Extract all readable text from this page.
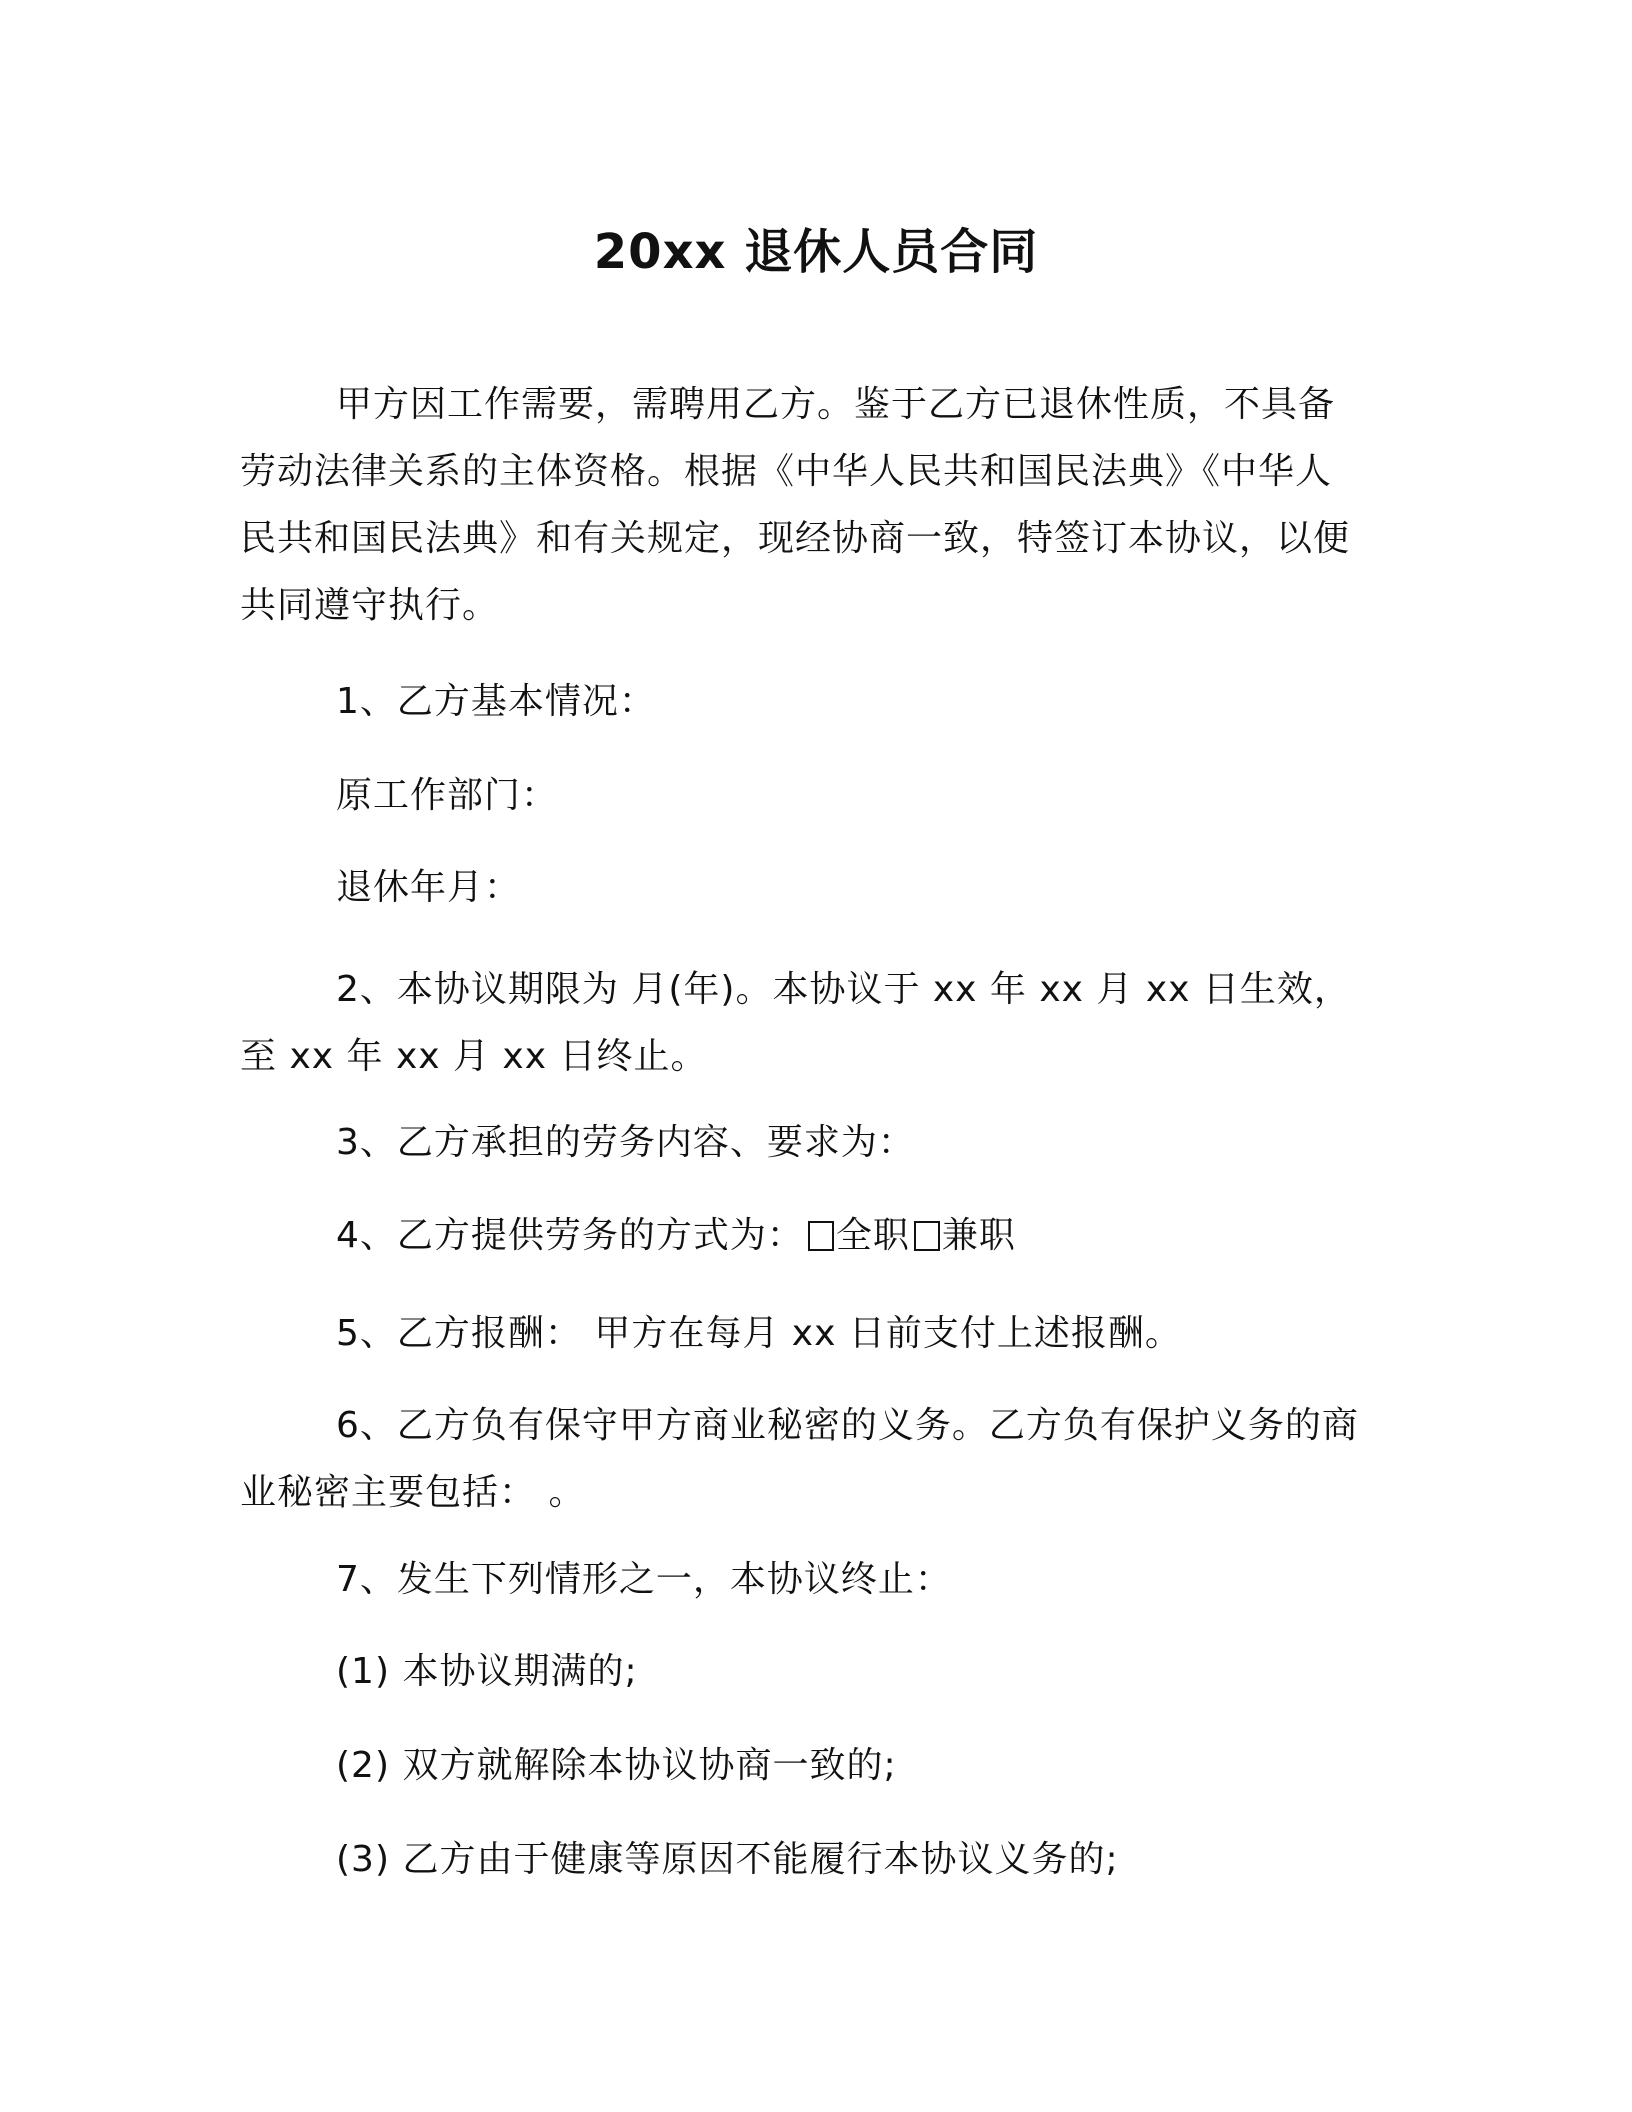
20xx 退休人员合同
甲方因工作需要，需聘用乙方。鉴于乙方已退休性质，不具备劳动法律关系的主体资格。根据《中华人民共和国民法典》《中华人民共和国民法典》和有关规定，现经协商一致，特签订本协议，以便共同遵守执行。
1、乙方基本情况：
原工作部门：
退休年月：
2、本协议期限为 月(年)。本协议于 xx 年 xx 月 xx 日生效，至 xx 年 xx 月 xx 日终止。
3、乙方承担的劳务内容、要求为：
4、乙方提供劳务的方式为： 全职 兼职
5、乙方报酬： 甲方在每月 xx 日前支付上述报酬。
6、乙方负有保守甲方商业秘密的义务。乙方负有保护义务的商业秘密主要包括： 。
7、发生下列情形之一，本协议终止：
(1) 本协议期满的;
(2) 双方就解除本协议协商一致的;
(3) 乙方由于健康等原因不能履行本协议义务的;
